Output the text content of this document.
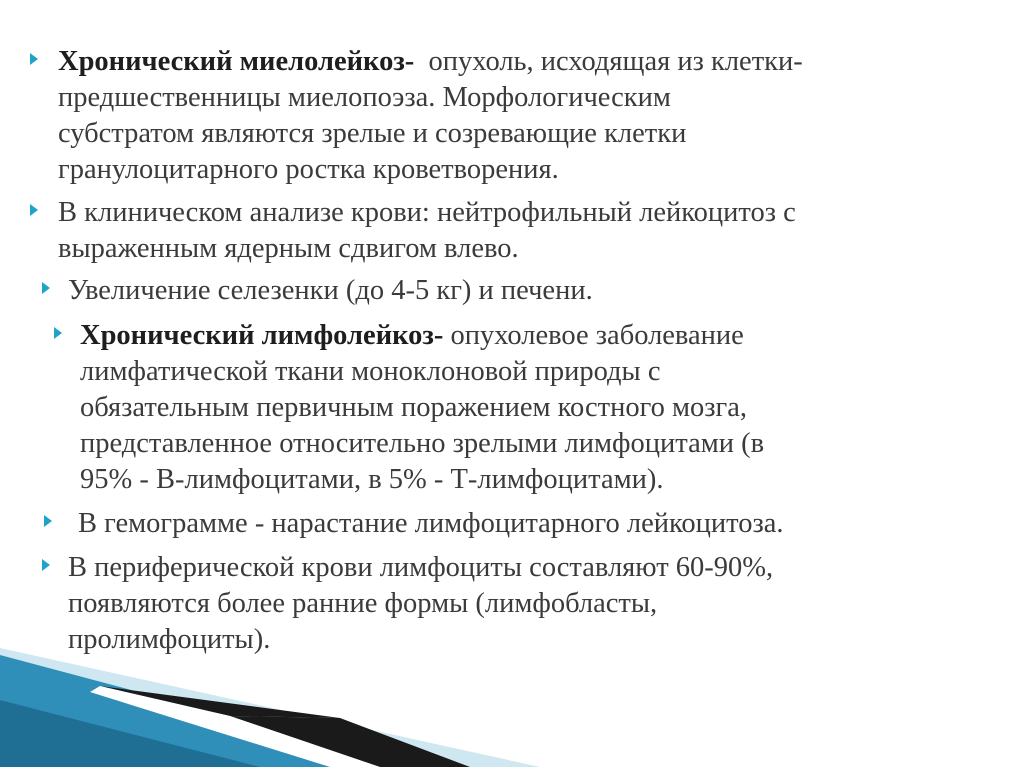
Хронический миелолейкоз- опухоль, исходящая из клетки-
предшественницы миелопоэза. Морфологическим
субстратом являются зрелые и созревающие клетки
гранулоцитарного ростка кроветворения.
В клиническом анализе крови: нейтрофильный лейкоцитоз с
выраженным ядерным сдвигом влево.
Увеличение селезенки (до 4-5 кг) и печени.
Хронический лимфолейкоз- опухолевое заболевание
лимфатической ткани моноклоновой природы с
обязательным первичным поражением костного мозга,
представленное относительно зрелыми лимфоцитами (в
95% - В-лимфоцитами, в 5% - Т-лимфоцитами).
В гемограмме - нарастание лимфоцитарного лейкоцитоза.
В периферической крови лимфоциты составляют 60-90%,
появляются более ранние формы (лимфобласты,
пролимфоциты).
